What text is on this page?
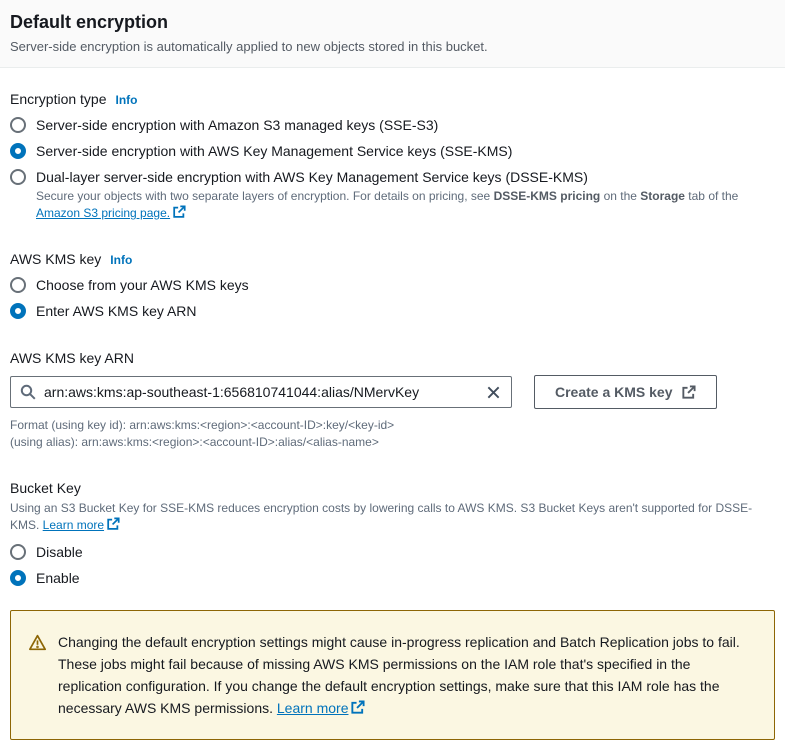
Default encryption

Server-side encryption is automatically applied to new objects stored in this bucket.

Encryption type Info
Server-side encryption with Amazon S3 managed keys (SSE-S3)
Server-side encryption with AWS Key Management Service keys (SSE-KMS)
Dual-layer server-side encryption with AWS Key Management Service keys (DSSE-KMS)
Secure your objects with two separate layers of encryption. For details on pricing, see DSSE-KMS pricing on the Storage tab of the Amazon S3 pricing page.
AWS KMS key Info
Choose from your AWS KMS keys
Enter AWS KMS key ARN
AWS KMS key ARN
arn:aws:kms:ap-southeast-1:656810741044:alias/NMervKey
Create a KMS key

Format (using key id): arn:aws:kms:<region>:<account-ID>:key/<key-id>

(using alias): arn:aws:kms:<region>:<account-ID>:alias/<alias-name>

Bucket Key
Using an S3 Bucket Key for SSE-KMS reduces encryption costs by lowering calls to AWS KMS. S3 Bucket Keys aren't supported for DSSE-KMS. Learn more
Disable
Enable
Changing the default encryption settings might cause in-progress replication and Batch Replication jobs to fail. These jobs might fail because of missing AWS KMS permissions on the IAM role that's specified in the replication configuration. If you change the default encryption settings, make sure that this IAM role has the necessary AWS KMS permissions. Learn more
